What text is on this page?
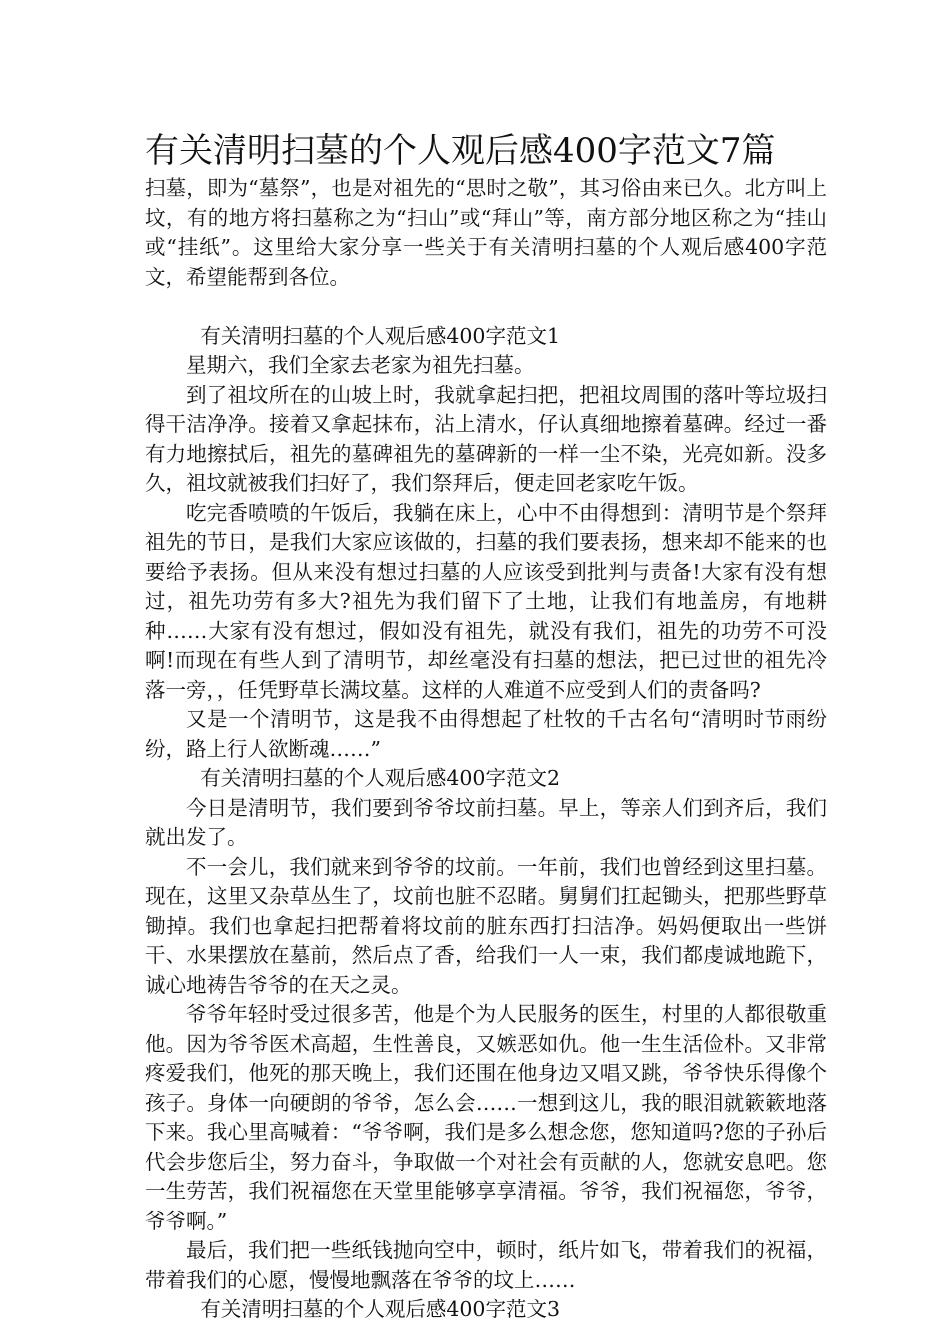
有关清明扫墓的个人观后感400字范文7篇

扫墓，即为“墓祭”，也是对祖先的“思时之敬”，其习俗由来已久。北方叫上坟，有的地方将扫墓称之为“扫山”或“拜山”等，南方部分地区称之为“挂山或“挂纸”。这里给大家分享一些关于有关清明扫墓的个人观后感400字范文，希望能帮到各位。

有关清明扫墓的个人观后感400字范文1

星期六，我们全家去老家为祖先扫墓。

到了祖坟所在的山坡上时，我就拿起扫把，把祖坟周围的落叶等垃圾扫得干洁净净。接着又拿起抹布，沾上清水，仔认真细地擦着墓碑。经过一番有力地擦拭后，祖先的墓碑祖先的墓碑新的一样一尘不染，光亮如新。没多久，祖坟就被我们扫好了，我们祭拜后，便走回老家吃午饭。

吃完香喷喷的午饭后，我躺在床上，心中不由得想到：清明节是个祭拜祖先的节日，是我们大家应该做的，扫墓的我们要表扬，想来却不能来的也要给予表扬。但从来没有想过扫墓的人应该受到批判与责备!大家有没有想过，祖先功劳有多大?祖先为我们留下了土地，让我们有地盖房，有地耕种……大家有没有想过，假如没有祖先，就没有我们，祖先的功劳不可没啊!而现在有些人到了清明节，却丝毫没有扫墓的想法，把已过世的祖先冷落一旁，，任凭野草长满坟墓。这样的人难道不应受到人们的责备吗?

又是一个清明节，这是我不由得想起了杜牧的千古名句“清明时节雨纷纷，路上行人欲断魂……”

有关清明扫墓的个人观后感400字范文2

今日是清明节，我们要到爷爷坟前扫墓。早上，等亲人们到齐后，我们就出发了。

不一会儿，我们就来到爷爷的坟前。一年前，我们也曾经到这里扫墓。现在，这里又杂草丛生了，坟前也脏不忍睹。舅舅们扛起锄头，把那些野草锄掉。我们也拿起扫把帮着将坟前的脏东西打扫洁净。妈妈便取出一些饼干、水果摆放在墓前，然后点了香，给我们一人一束，我们都虔诚地跪下，诚心地祷告爷爷的在天之灵。

爷爷年轻时受过很多苦，他是个为人民服务的医生，村里的人都很敬重他。因为爷爷医术高超，生性善良，又嫉恶如仇。他一生生活俭朴。又非常疼爱我们，他死的那天晚上，我们还围在他身边又唱又跳，爷爷快乐得像个孩子。身体一向硬朗的爷爷，怎么会……一想到这儿，我的眼泪就簌簌地落下来。我心里高喊着：“爷爷啊，我们是多么想念您，您知道吗?您的子孙后代会步您后尘，努力奋斗，争取做一个对社会有贡献的人，您就安息吧。您一生劳苦，我们祝福您在天堂里能够享享清福。爷爷，我们祝福您，爷爷，爷爷啊。”

最后，我们把一些纸钱抛向空中，顿时，纸片如飞，带着我们的祝福，带着我们的心愿，慢慢地飘落在爷爷的坟上……

有关清明扫墓的个人观后感400字范文3
